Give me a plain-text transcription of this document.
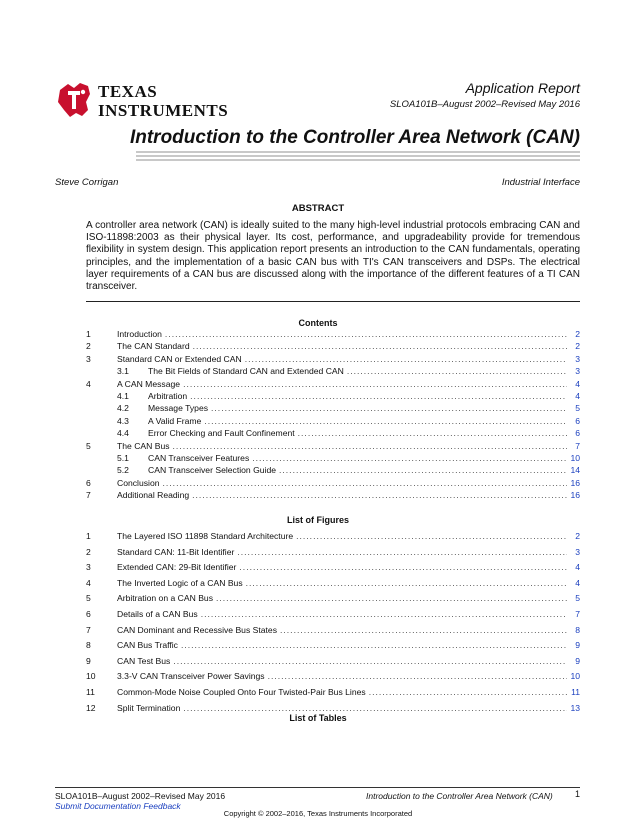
TEXAS
INSTRUMENTS
Application Report
SLOA101B–August 2002–Revised May 2016
Introduction to the Controller Area Network (CAN)
Steve Corrigan	Industrial Interface
ABSTRACT
A controller area network (CAN) is ideally suited to the many high-level industrial protocols embracing CAN and ISO-11898:2003 as their physical layer. Its cost, performance, and upgradeability provide for tremendous flexibility in system design. This application report presents an introduction to the CAN fundamentals, operating principles, and the implementation of a basic CAN bus with TI's CAN transceivers and DSPs. The electrical layer requirements of a CAN bus are discussed along with the importance of the different features of a TI CAN transceiver.
Contents
1	Introduction .....	2
2	The CAN Standard .....	2
3	Standard CAN or Extended CAN .....	3
3.1	The Bit Fields of Standard CAN and Extended CAN .....	3
4	A CAN Message .....	4
4.1	Arbitration .....	4
4.2	Message Types .....	5
4.3	A Valid Frame .....	6
4.4	Error Checking and Fault Confinement .....	6
5	The CAN Bus .....	7
5.1	CAN Transceiver Features .....	10
5.2	CAN Transceiver Selection Guide .....	14
6	Conclusion .....	16
7	Additional Reading .....	16
List of Figures
1	The Layered ISO 11898 Standard Architecture .....	2
2	Standard CAN: 11-Bit Identifier .....	3
3	Extended CAN: 29-Bit Identifier .....	4
4	The Inverted Logic of a CAN Bus .....	4
5	Arbitration on a CAN Bus .....	5
6	Details of a CAN Bus .....	7
7	CAN Dominant and Recessive Bus States .....	8
8	CAN Bus Traffic .....	9
9	CAN Test Bus .....	9
10	3.3-V CAN Transceiver Power Savings .....	10
11	Common-Mode Noise Coupled Onto Four Twisted-Pair Bus Lines .....	11
12	Split Termination .....	13
List of Tables
SLOA101B–August 2002–Revised May 2016
Submit Documentation Feedback
Introduction to the Controller Area Network (CAN) 1
Copyright © 2002–2016, Texas Instruments Incorporated
